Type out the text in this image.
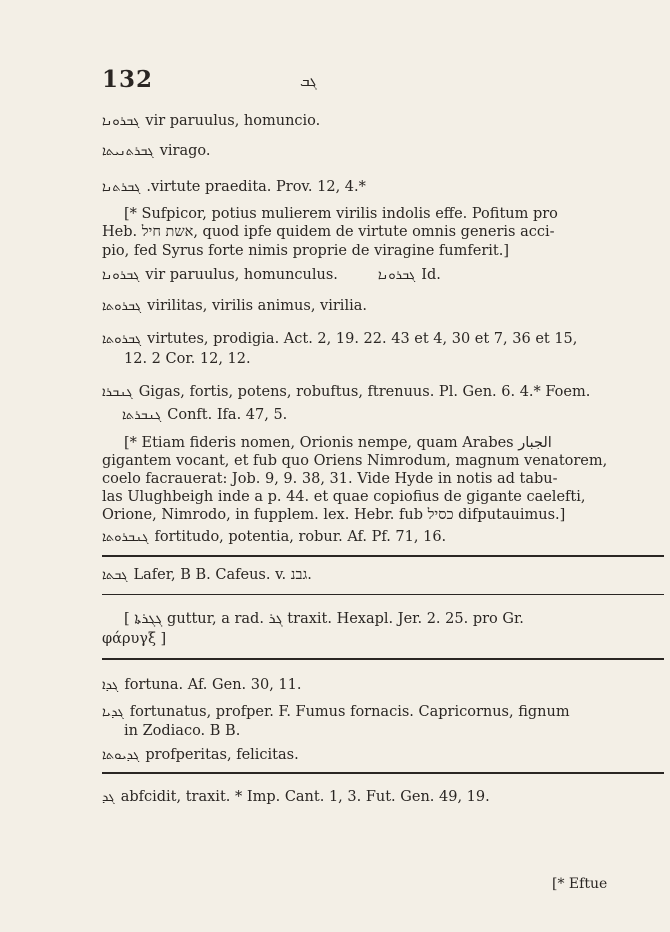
132	ܓܒ
ܓܒܪܘܢܐ vir paruulus, homuncio.
ܓܒܪܬܢܝܬܐ virago.
ܓܒܪܬܢܐ .virtute praedita. Prov. 12, 4.*
[* Sufpicor, potius mulierem virilis indolis effe. Pofitum pro
Heb. אשת חיל, quod ipfe quidem de virtute omnis generis acci-
pio, fed Syrus forte nimis proprie de viragine fumferit.]
ܓܒܪܘܢܐ vir paruulus, homunculus.	ܓܒܪܘܢܐ Id.
ܓܒܪܘܬܐ virilitas, virilis animus, virilia.
ܓܒܪܘܬܐ virtutes, prodigia. Act. 2, 19. 22. 43 et 4, 30 et 7, 36 et 15,
12. 2 Cor. 12, 12.
ܓܢܒܪܐ Gigas, fortis, potens, robuftus, ftrenuus. Pl. Gen. 6. 4.* Foem.
ܓܢܒܪܬܐ Conft. Ifa. 47, 5.
[* Etiam fideris nomen, Orionis nempe, quam Arabes الجبار
gigantem vocant, et fub quo Oriens Nimrodum, magnum venatorem,
coelo facrauerat: Job. 9, 9. 38, 31. Vide Hyde in notis ad tabu-
las Ulughbeigh inde a p. 44. et quae copiofius de gigante caelefti,
Orione, Nimrodo, in fupplem. lex. Hebr. fub כסיל difputauimus.]
ܓܢܒܪܘܬܐ fortitudo, potentia, robur. Af. Pf. 71, 16.
ܓܒܬܐ Lafer, B B. Cafeus. v. גבנ.
[ ܓܓܪܬܐ guttur, a rad. ܓܪ traxit. Hexapl. Jer. 2. 25. pro Gr.
φάρυγξ ]
ܓܕܐ fortuna. Af. Gen. 30, 11.
ܓܕܝܐ fortunatus, profper. F. Fumus fornacis. Capricornus, fignum
in Zodiaco. B B.
ܓܕܝܘܬܐ profperitas, felicitas.
ܓܕ abfcidit, traxit. * Imp. Cant. 1, 3. Fut. Gen. 49, 19.
[* Eftue
